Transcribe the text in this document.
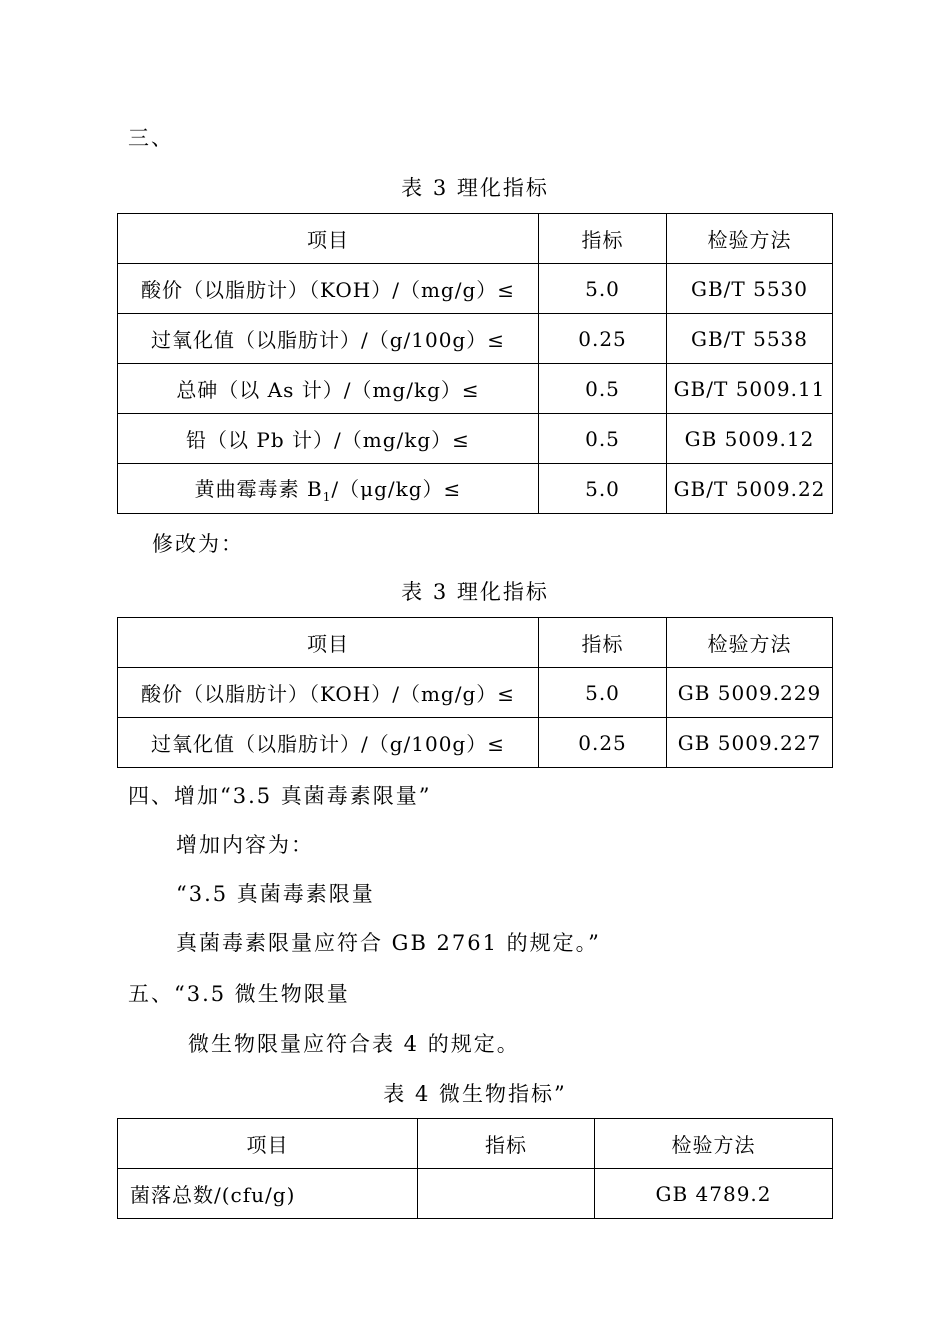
三、
表 3 理化指标
项目	指标	检验方法
酸价（以脂肪计）（KOH）/（mg/g）≤	5.0	GB/T 5530
过氧化值（以脂肪计）/（g/100g）≤	0.25	GB/T 5538
总砷（以 As 计）/（mg/kg）≤	0.5	GB/T 5009.11
铅（以 Pb 计）/（mg/kg）≤	0.5	GB 5009.12
黄曲霉毒素 $B_1/(\mu g/kg)\le$	5.0	GB/T 5009.22
修改为：
表 3 理化指标
项目	指标	检验方法
酸价（以脂肪计）（KOH）/（mg/g）≤	5.0	GB 5009.229
过氧化值（以脂肪计）/（g/100g）≤	0.25	GB 5009.227
四、增加“3.5 真菌毒素限量”
增加内容为：
“3.5 真菌毒素限量
真菌毒素限量应符合 GB 2761 的规定。”
五、“3.5 微生物限量
微生物限量应符合表 4 的规定。
表 4 微生物指标”
项目	指标	检验方法
菌落总数/(cfu/g)		GB 4789.2
